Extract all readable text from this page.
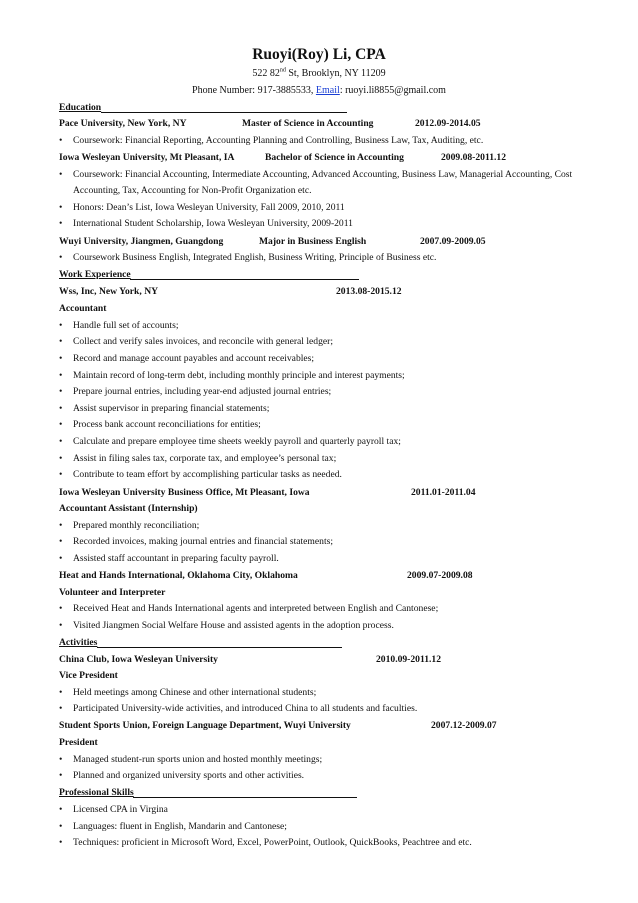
Ruoyi(Roy) Li, CPA
522 82nd St, Brooklyn, NY 11209
Phone Number: 917-3885533, Email: ruoyi.li8855@gmail.com
Education
Pace University, New York, NY	Master of Science in Accounting	2012.09-2014.05
• Coursework: Financial Reporting, Accounting Planning and Controlling, Business Law, Tax, Auditing, etc.
Iowa Wesleyan University, Mt Pleasant, IA	Bachelor of Science in Accounting	2009.08-2011.12
• Coursework: Financial Accounting, Intermediate Accounting, Advanced Accounting, Business Law, Managerial Accounting, Cost
Accounting, Tax, Accounting for Non-Profit Organization etc.
• Honors: Dean’s List, Iowa Wesleyan University, Fall 2009, 2010, 2011
• International Student Scholarship, Iowa Wesleyan University, 2009-2011
Wuyi University, Jiangmen, Guangdong	Major in Business English	2007.09-2009.05
• Coursework Business English, Integrated English, Business Writing, Principle of Business etc.
Work Experience
Wss, Inc, New York, NY	2013.08-2015.12
Accountant
• Handle full set of accounts;
• Collect and verify sales invoices, and reconcile with general ledger;
• Record and manage account payables and account receivables;
• Maintain record of long-term debt, including monthly principle and interest payments;
• Prepare journal entries, including year-end adjusted journal entries;
• Assist supervisor in preparing financial statements;
• Process bank account reconciliations for entities;
• Calculate and prepare employee time sheets weekly payroll and quarterly payroll tax;
• Assist in filing sales tax, corporate tax, and employee’s personal tax;
• Contribute to team effort by accomplishing particular tasks as needed.
Iowa Wesleyan University Business Office, Mt Pleasant, Iowa	2011.01-2011.04
Accountant Assistant (Internship)
• Prepared monthly reconciliation;
• Recorded invoices, making journal entries and financial statements;
• Assisted staff accountant in preparing faculty payroll.
Heat and Hands International, Oklahoma City, Oklahoma	2009.07-2009.08
Volunteer and Interpreter
• Received Heat and Hands International agents and interpreted between English and Cantonese;
• Visited Jiangmen Social Welfare House and assisted agents in the adoption process.
Activities
China Club, Iowa Wesleyan University	2010.09-2011.12
Vice President
• Held meetings among Chinese and other international students;
• Participated University-wide activities, and introduced China to all students and faculties.
Student Sports Union, Foreign Language Department, Wuyi University	2007.12-2009.07
President
• Managed student-run sports union and hosted monthly meetings;
• Planned and organized university sports and other activities.
Professional Skills
• Licensed CPA in Virgina
• Languages: fluent in English, Mandarin and Cantonese;
• Techniques: proficient in Microsoft Word, Excel, PowerPoint, Outlook, QuickBooks, Peachtree and etc.
